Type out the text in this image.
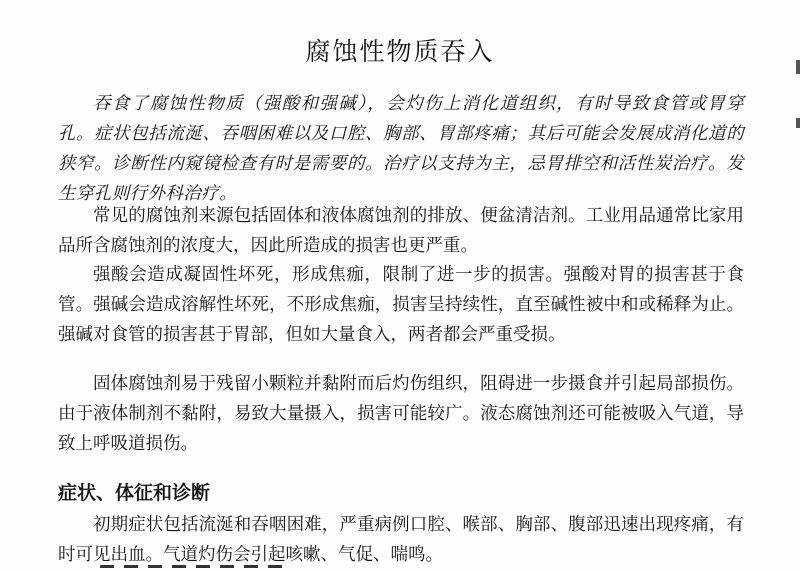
腐蚀性物质吞入

吞食了腐蚀性物质（强酸和强碱），会灼伤上消化道组织，有时导致食管或胃穿孔。症状包括流涎、吞咽困难以及口腔、胸部、胃部疼痛；其后可能会发展成消化道的狭窄。诊断性内窥镜检查有时是需要的。治疗以支持为主，忌胃排空和活性炭治疗。发生穿孔则行外科治疗。

常见的腐蚀剂来源包括固体和液体腐蚀剂的排放、便盆清洁剂。工业用品通常比家用品所含腐蚀剂的浓度大，因此所造成的损害也更严重。

强酸会造成凝固性坏死，形成焦痂，限制了进一步的损害。强酸对胃的损害甚于食管。强碱会造成溶解性坏死，不形成焦痂，损害呈持续性，直至碱性被中和或稀释为止。强碱对食管的损害甚于胃部，但如大量食入，两者都会严重受损。

固体腐蚀剂易于残留小颗粒并黏附而后灼伤组织，阻碍进一步摄食并引起局部损伤。由于液体制剂不黏附，易致大量摄入，损害可能较广。液态腐蚀剂还可能被吸入气道，导致上呼吸道损伤。

症状、体征和诊断

初期症状包括流涎和吞咽困难，严重病例口腔、喉部、胸部、腹部迅速出现疼痛，有时可见出血。气道灼伤会引起咳嗽、气促、喘鸣。
